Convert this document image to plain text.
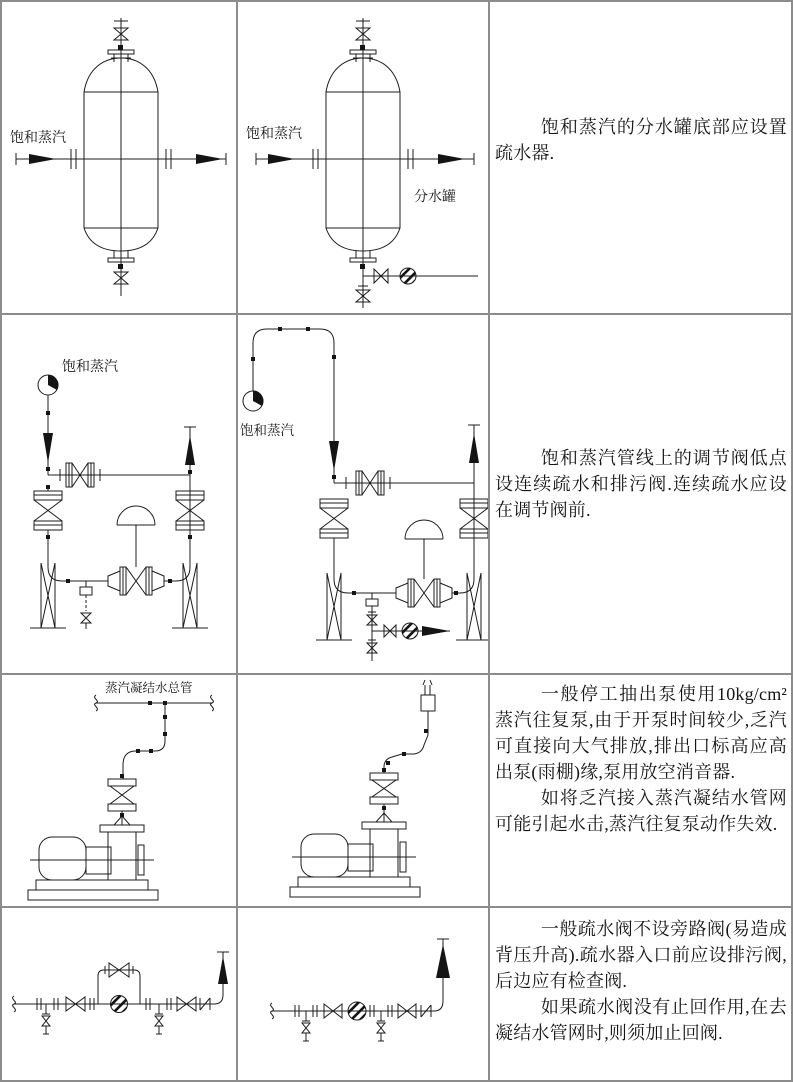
饱和蒸汽	饱和蒸汽
分水罐

饱和蒸汽的分水罐底部应设置疏水器.

饱和蒸汽
饱和蒸汽

饱和蒸汽管线上的调节阀低点设连续疏水和排污阀.连续疏水应设在调节阀前.

蒸汽凝结水总管	一般停工抽出泵使用10kg/cm²蒸汽往复泵,由于开泵时间较少,乏汽可直接向大气排放,排出口标高应高出泵(雨棚)缘,泵用放空消音器.

如将乏汽接入蒸汽凝结水管网可能引起水击,蒸汽往复泵动作失效.

一般疏水阀不设旁路阀(易造成背压升高).疏水器入口前应设排污阀,后边应有检查阀.

如果疏水阀没有止回作用,在去凝结水管网时,则须加止回阀.
